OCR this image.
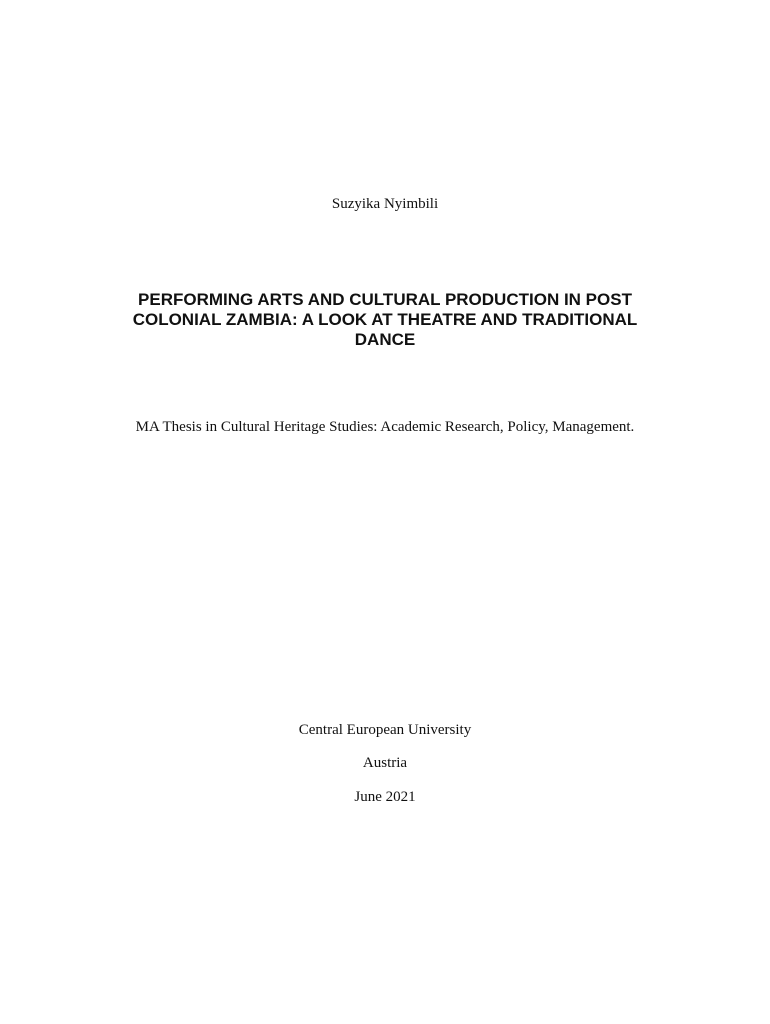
Suzyika Nyimbili
PERFORMING ARTS AND CULTURAL PRODUCTION IN POST
COLONIAL ZAMBIA: A LOOK AT THEATRE AND TRADITIONAL
DANCE
MA Thesis in Cultural Heritage Studies: Academic Research, Policy, Management.
Central European University
Austria
June 2021
